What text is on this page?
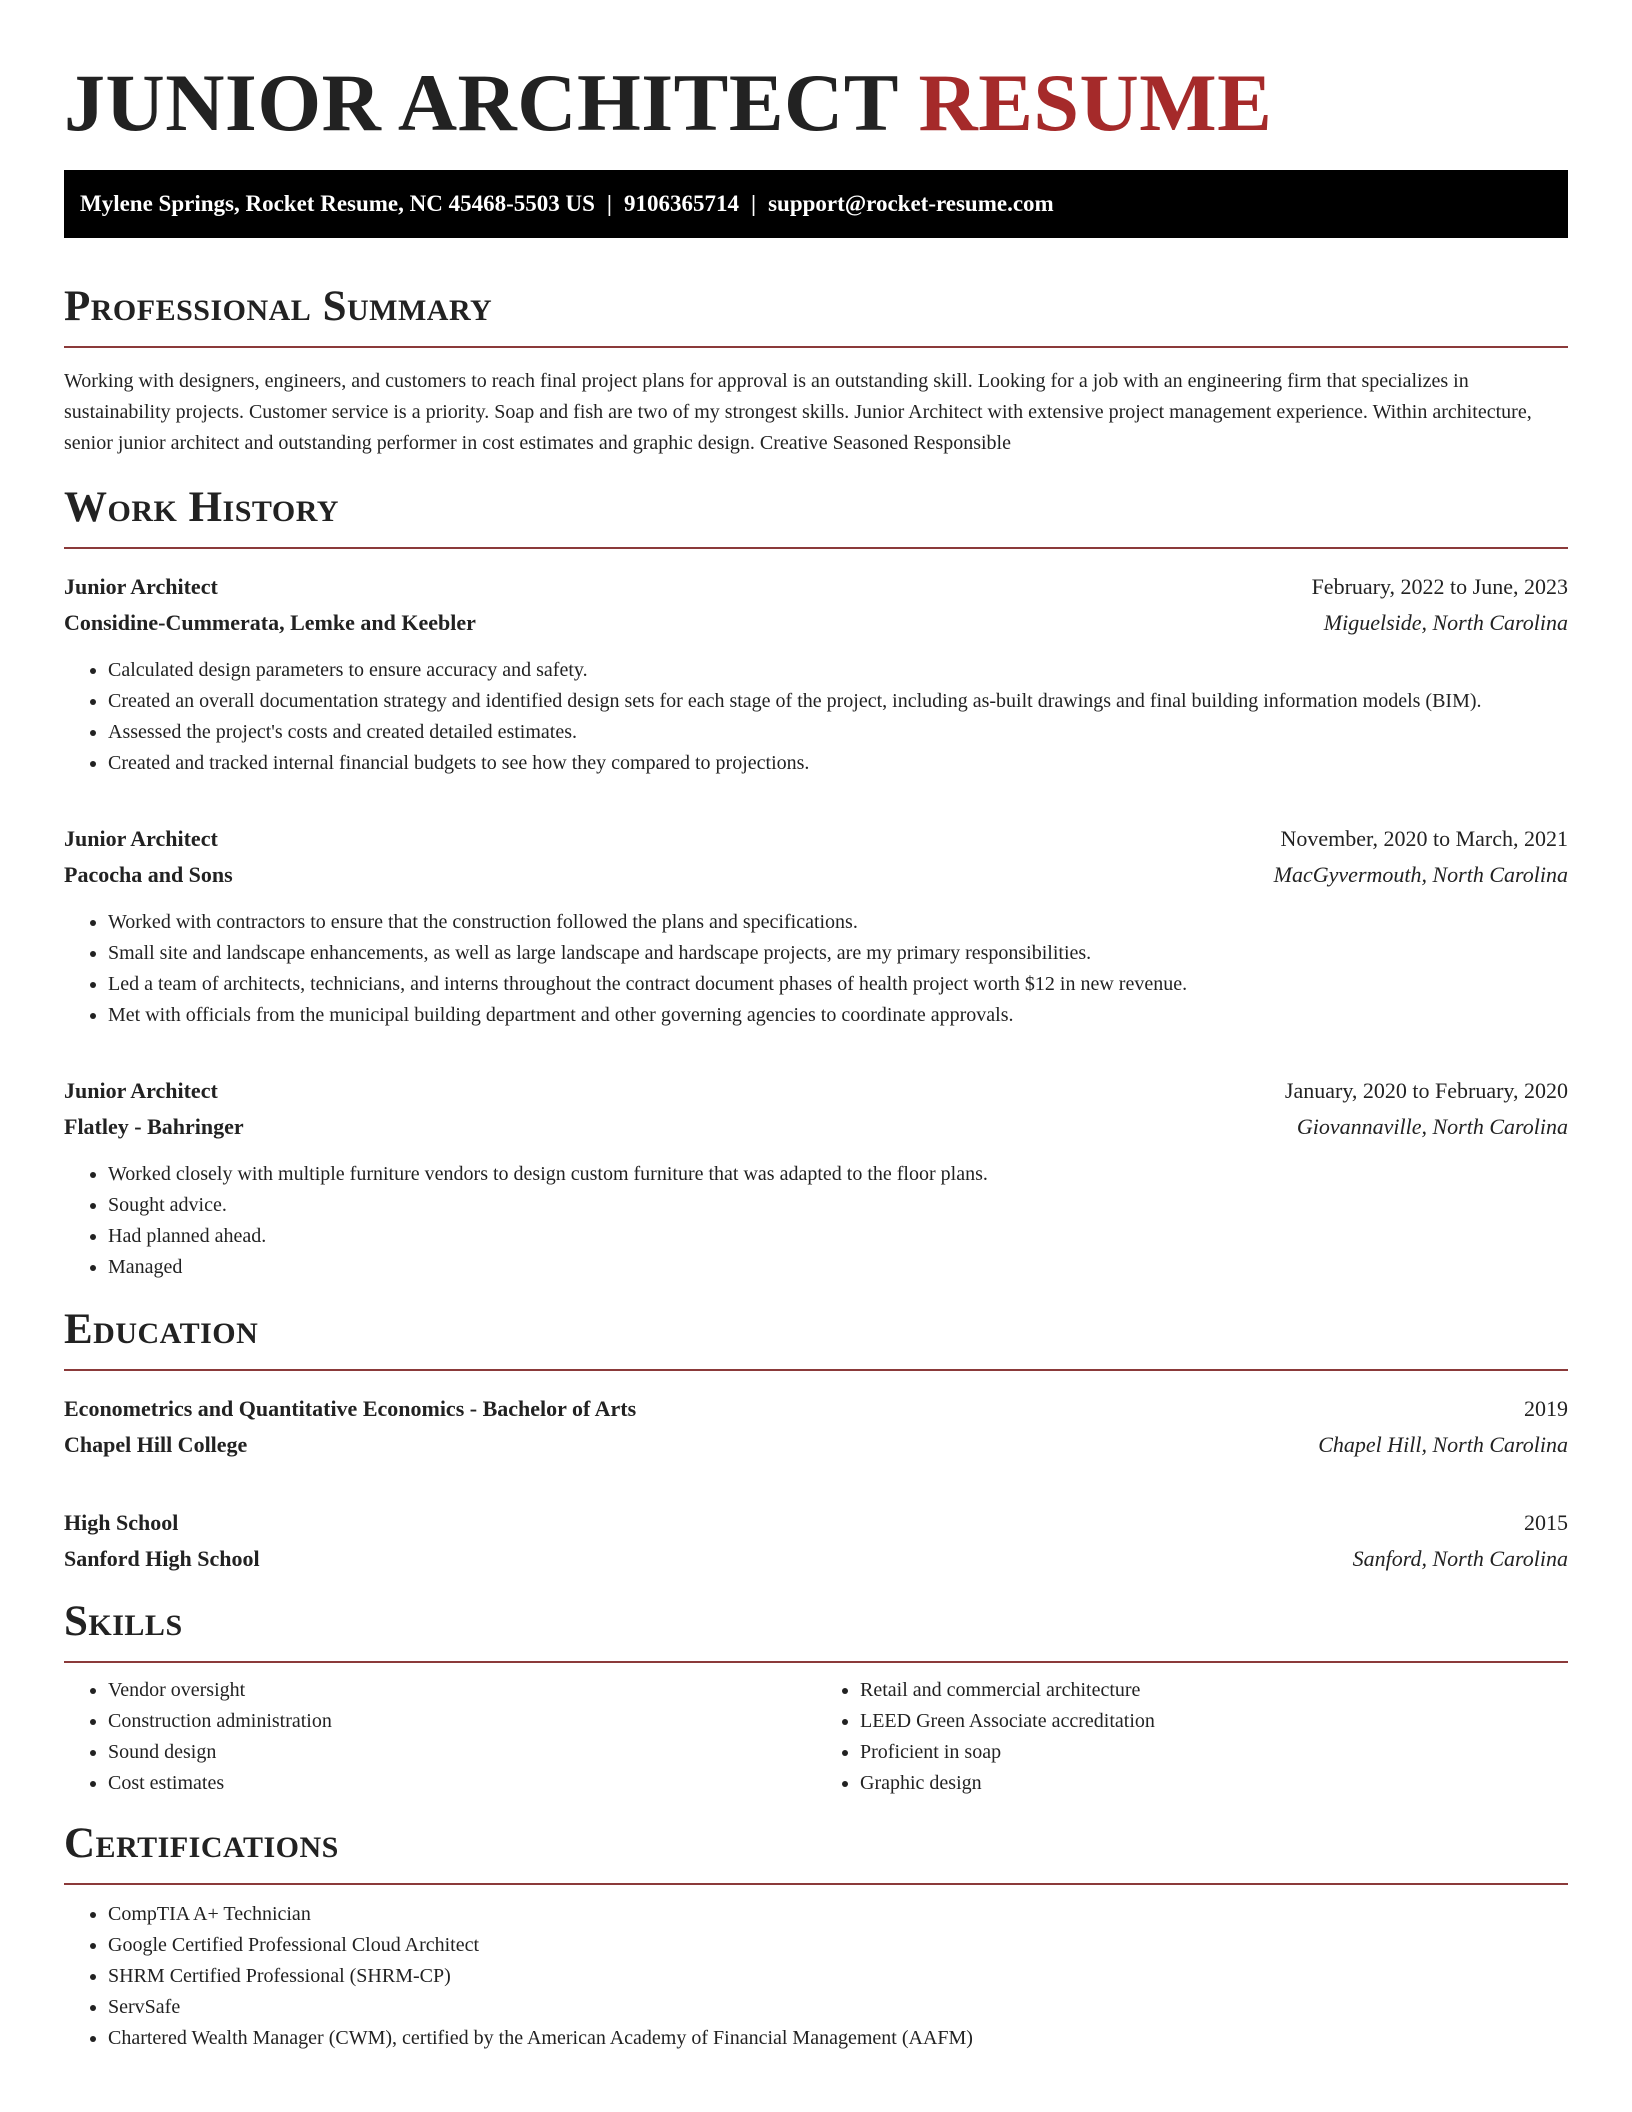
JUNIOR ARCHITECT RESUME
Mylene Springs, Rocket Resume, NC 45468-5503 US | 9106365714 | support@rocket-resume.com
Professional Summary

Working with designers, engineers, and customers to reach final project plans for approval is an outstanding skill. Looking for a job with an engineering firm that specializes in sustainability projects. Customer service is a priority. Soap and fish are two of my strongest skills. Junior Architect with extensive project management experience. Within architecture, senior junior architect and outstanding performer in cost estimates and graphic design. Creative Seasoned Responsible

Work History
Junior Architect	February, 2022 to June, 2023
Considine-Cummerata, Lemke and Keebler	Miguelside, North Carolina
• Calculated design parameters to ensure accuracy and safety.
• Created an overall documentation strategy and identified design sets for each stage of the project, including as-built drawings and final building information models (BIM).
• Assessed the project's costs and created detailed estimates.
• Created and tracked internal financial budgets to see how they compared to projections.
Junior Architect	November, 2020 to March, 2021
Pacocha and Sons	MacGyvermouth, North Carolina
• Worked with contractors to ensure that the construction followed the plans and specifications.
• Small site and landscape enhancements, as well as large landscape and hardscape projects, are my primary responsibilities.
• Led a team of architects, technicians, and interns throughout the contract document phases of health project worth $12 in new revenue.
• Met with officials from the municipal building department and other governing agencies to coordinate approvals.
Junior Architect	January, 2020 to February, 2020
Flatley - Bahringer	Giovannaville, North Carolina
• Worked closely with multiple furniture vendors to design custom furniture that was adapted to the floor plans.
• Sought advice.
• Had planned ahead.
• Managed
Education
Econometrics and Quantitative Economics - Bachelor of Arts	2019
Chapel Hill College	Chapel Hill, North Carolina
High School	2015
Sanford High School	Sanford, North Carolina
Skills
• Vendor oversight
• Construction administration
• Sound design
• Cost estimates
• Retail and commercial architecture
• LEED Green Associate accreditation
• Proficient in soap
• Graphic design
Certifications
• CompTIA A+ Technician
• Google Certified Professional Cloud Architect
• SHRM Certified Professional (SHRM-CP)
• ServSafe
• Chartered Wealth Manager (CWM), certified by the American Academy of Financial Management (AAFM)
